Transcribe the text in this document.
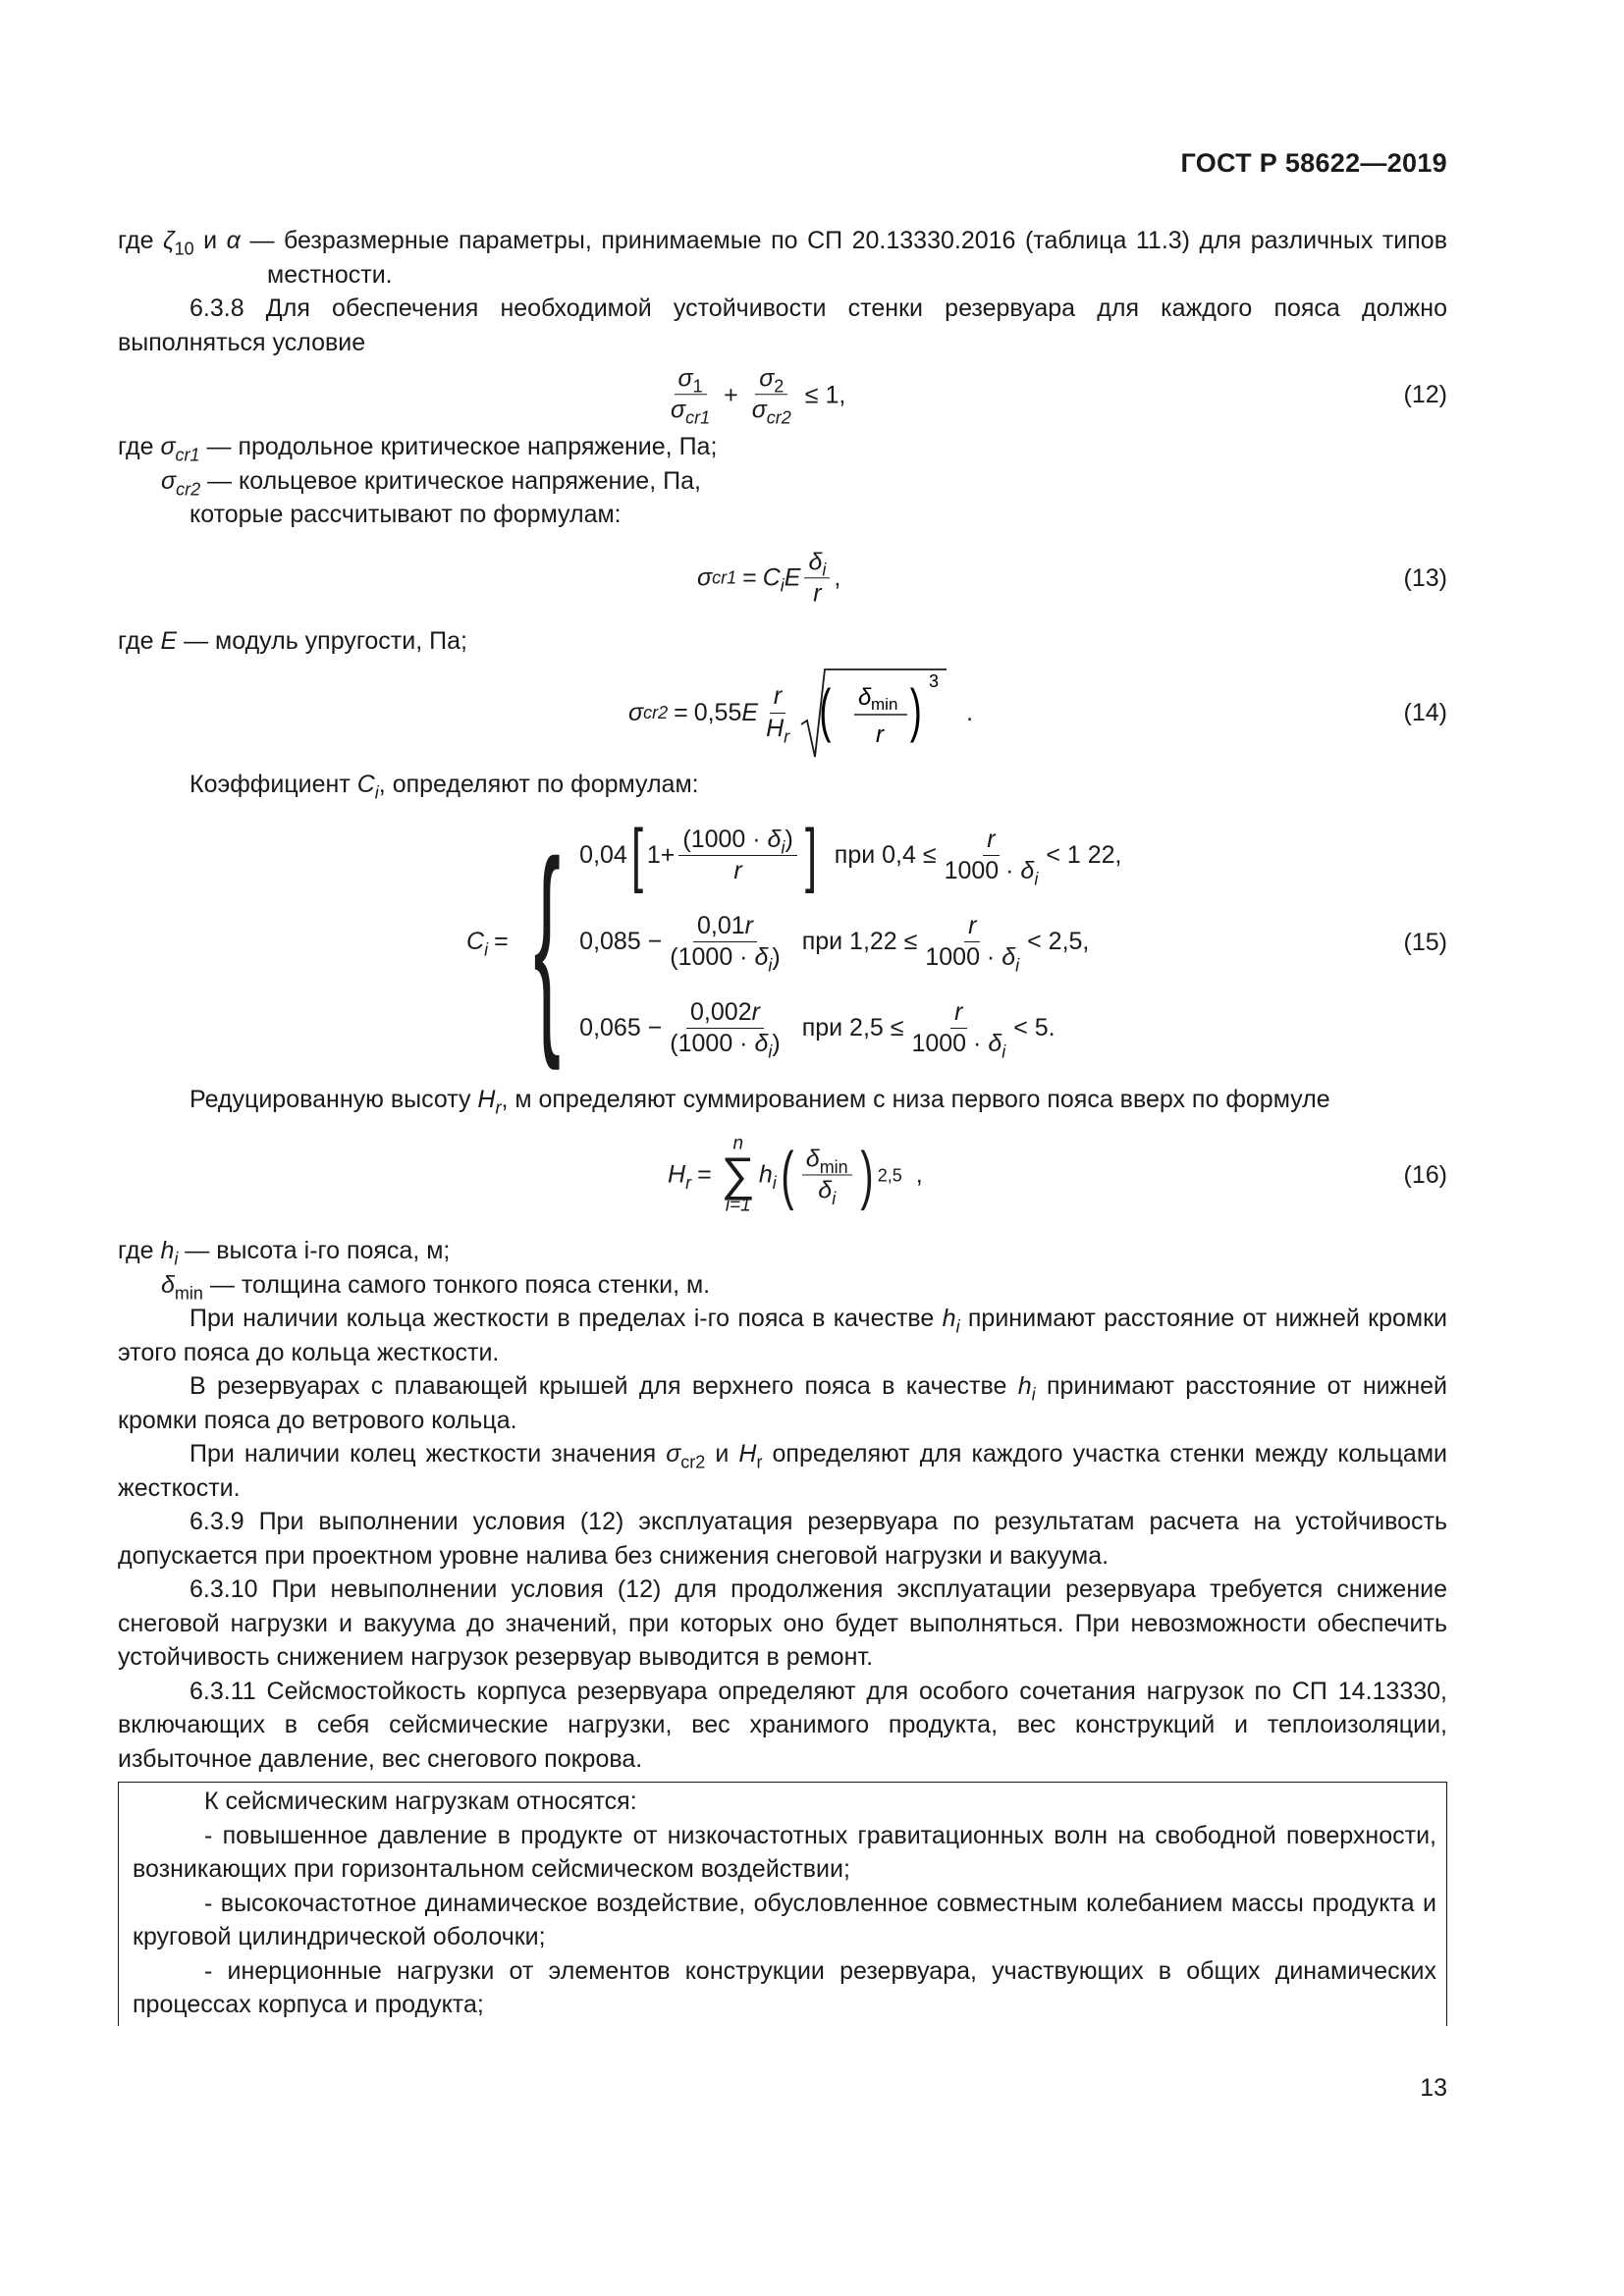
ГОСТ Р 58622—2019

где $\zeta_{10}$ и α — безразмерные параметры, принимаемые по СП 20.13330.2016 (таблица 11.3) для различных типов местности.

6.3.8 Для обеспечения необходимой устойчивости стенки резервуара для каждого пояса должно выполняться условие

$\frac{\sigma_1}{\sigma_{cr1}} + \frac{\sigma_2}{\sigma_{cr2}} \le 1$,	(12)

где $\sigma_{cr1}$ — продольное критическое напряжение, Па;

$\sigma_{cr2}$ — кольцевое критическое напряжение, Па,

которые рассчитывают по формулам:

σ $cr1 = C_iE \frac{\delta_i}{r}$ ,	(13)

где E — модуль упругости, Па;

σ cr2 = 0,55 E $\frac{r}{H_r}$ ( δ min
r ) 3
.	(14)

Коэффициент $C_i$, определяют по формулам:

$C_i$ = { 0,04 [ $1+ \frac{(1000 \cdot \delta_i)}{r}$ ] при $0,4 \le \frac{r}{1000 \cdot \delta_i} < 1$ 22,
$0,085 - \frac{0,01r}{(1000 \cdot \delta_i)}$ при $1,22 \le \frac{r}{1000 \cdot \delta_i} < 2,5$,
$0,065 - \frac{0,002r}{(1000 \cdot \delta_i)}$ при $2,5 \le \frac{r}{1000 \cdot \delta_i} < 5$.
(15)

Редуцированную высоту $H_r$, м определяют суммированием с низа первого пояса вверх по формуле

$H_r$ =
n
∑
i=1
$h_i$ ( $\frac{\delta_{min}}{\delta_i}$ ) 2,5 ,	(16)

где $h_i$ — высота i-го пояса, м;

$\delta_{min}$ — толщина самого тонкого пояса стенки, м.

При наличии кольца жесткости в пределах i-го пояса в качестве $h_i$ принимают расстояние от нижней кромки этого пояса до кольца жесткости.

В резервуарах с плавающей крышей для верхнего пояса в качестве $h_i$ принимают расстояние от нижней кромки пояса до ветрового кольца.

При наличии колец жесткости значения $\sigma_{cr2}$ и $H_r$ определяют для каждого участка стенки между кольцами жесткости.

6.3.9 При выполнении условия (12) эксплуатация резервуара по результатам расчета на устойчивость допускается при проектном уровне налива без снижения снеговой нагрузки и вакуума.

6.3.10 При невыполнении условия (12) для продолжения эксплуатации резервуара требуется снижение снеговой нагрузки и вакуума до значений, при которых оно будет выполняться. При невозможности обеспечить устойчивость снижением нагрузок резервуар выводится в ремонт.

6.3.11 Сейсмостойкость корпуса резервуара определяют для особого сочетания нагрузок по СП 14.13330, включающих в себя сейсмические нагрузки, вес хранимого продукта, вес конструкций и теплоизоляции, избыточное давление, вес снегового покрова.

К сейсмическим нагрузкам относятся:

- повышенное давление в продукте от низкочастотных гравитационных волн на свободной поверхности, возникающих при горизонтальном сейсмическом воздействии;

- высокочастотное динамическое воздействие, обусловленное совместным колебанием массы продукта и круговой цилиндрической оболочки;

- инерционные нагрузки от элементов конструкции резервуара, участвующих в общих динамических процессах корпуса и продукта;

13
